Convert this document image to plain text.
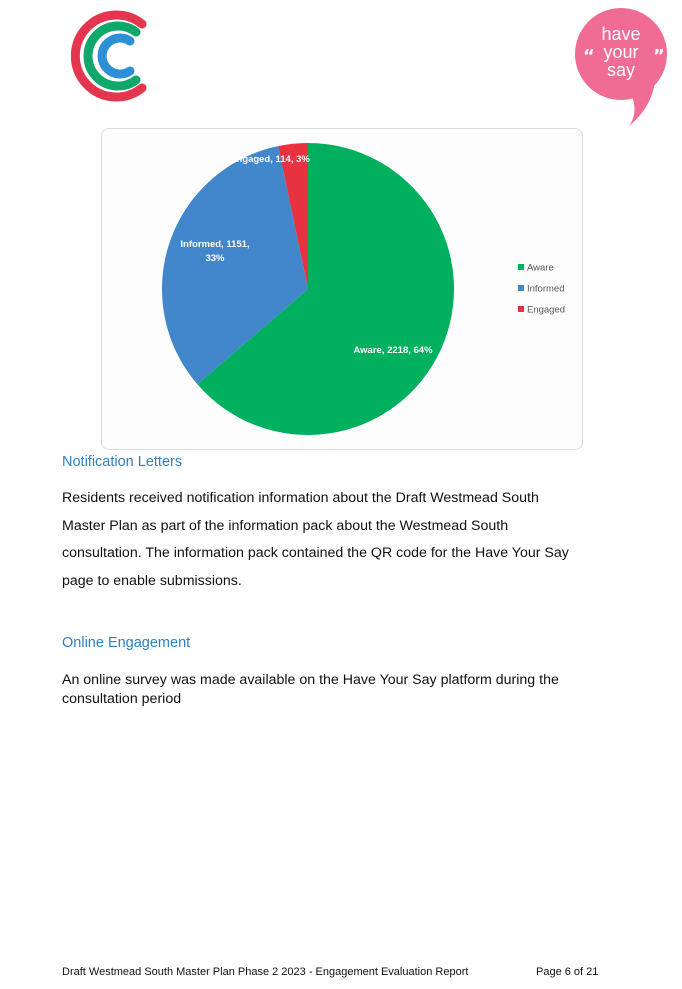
have
your
say
“	”
Engaged, 114, 3%
Informed, 1151,
33%
Aware, 2218, 64%
Aware
Informed
Engaged
Notification Letters
Residents received notification information about the Draft Westmead South
Master Plan as part of the information pack about the Westmead South
consultation. The information pack contained the QR code for the Have Your Say
page to enable submissions.
Online Engagement
An online survey was made available on the Have Your Say platform during the
consultation period
Draft Westmead South Master Plan Phase 2 2023 - Engagement Evaluation Report	Page 6 of 21
